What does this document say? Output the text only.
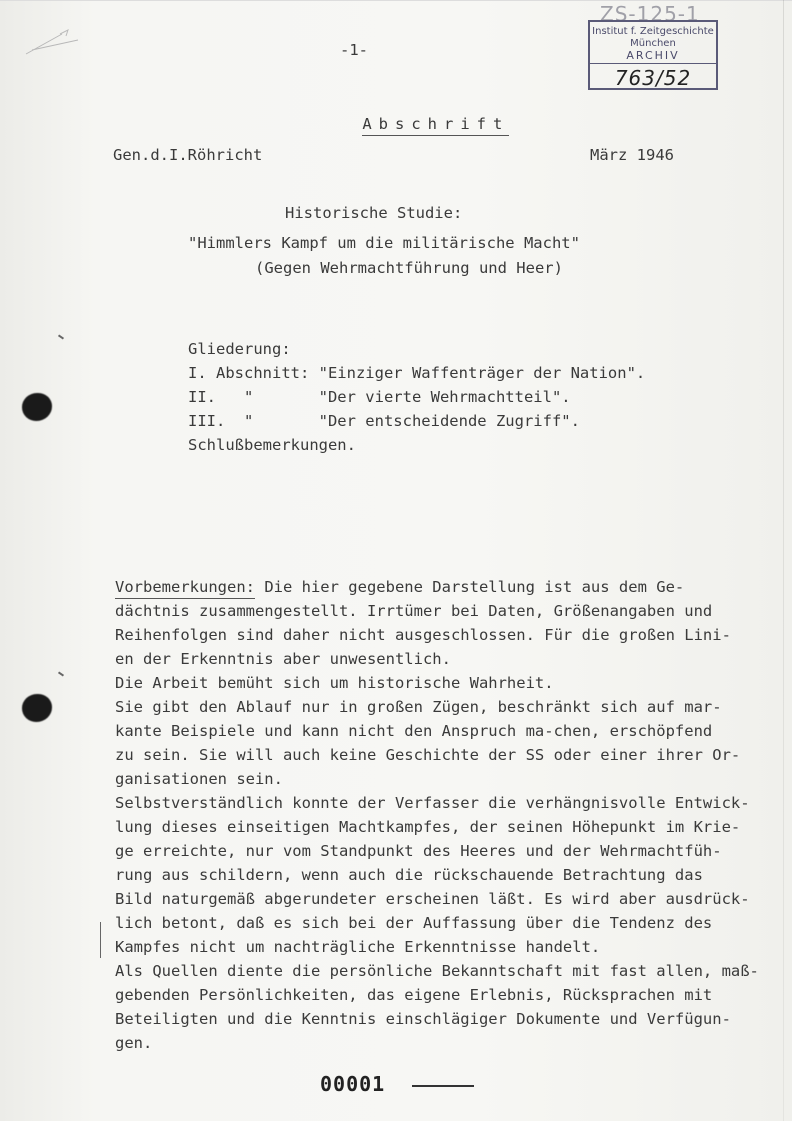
ZS-125-1
Institut f. Zeitgeschichte
München
ARCHIV
763/52
-1-

Abschrift

Gen.d.I.Röhricht	März 1946
Historische Studie:
"Himmlers Kampf um die militärische Macht"
(Gegen Wehrmachtführung und Heer)
Gliederung:
I. Abschnitt: "Einziger Waffenträger der Nation".
II.   "       "Der vierte Wehrmachtteil".
III.  "       "Der entscheidende Zugriff".
Schlußbemerkungen.
Vorbemerkungen: Die hier gegebene Darstellung ist aus dem Ge-
dächtnis zusammengestellt. Irrtümer bei Daten, Größenangaben und
Reihenfolgen sind daher nicht ausgeschlossen. Für die großen Lini-
en der Erkenntnis aber unwesentlich.
Die Arbeit bemüht sich um historische Wahrheit.
Sie gibt den Ablauf nur in großen Zügen, beschränkt sich auf mar-
kante Beispiele und kann nicht den Anspruch ma-chen, erschöpfend
zu sein. Sie will auch keine Geschichte der SS oder einer ihrer Or-
ganisationen sein.
Selbstverständlich konnte der Verfasser die verhängnisvolle Entwick-
lung dieses einseitigen Machtkampfes, der seinen Höhepunkt im Krie-
ge erreichte, nur vom Standpunkt des Heeres und der Wehrmachtfüh-
rung aus schildern, wenn auch die rückschauende Betrachtung das
Bild naturgemäß abgerundeter erscheinen läßt. Es wird aber ausdrück-
lich betont, daß es sich bei der Auffassung über die Tendenz des
Kampfes nicht um nachträgliche Erkenntnisse handelt.
Als Quellen diente die persönliche Bekanntschaft mit fast allen, maß-
gebenden Persönlichkeiten, das eigene Erlebnis, Rücksprachen mit
Beteiligten und die Kenntnis einschlägiger Dokumente und Verfügun-
gen.
00001
